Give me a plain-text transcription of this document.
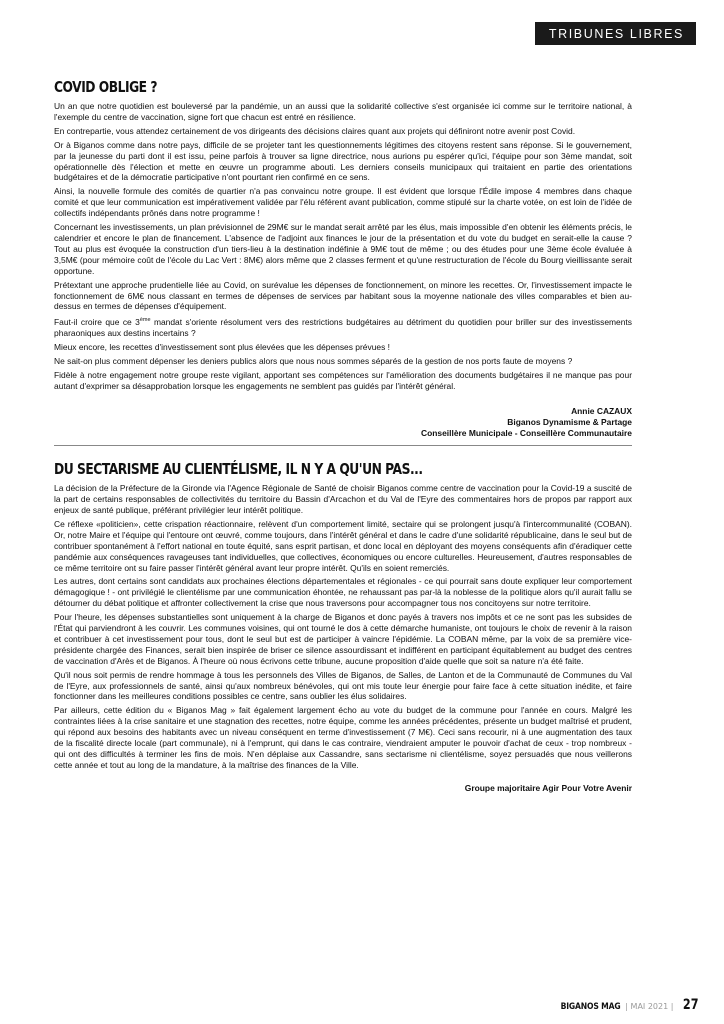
TRIBUNES LIBRES
COVID OBLIGE ?

Un an que notre quotidien est bouleversé par la pandémie, un an aussi que la solidarité collective s'est organisée ici comme sur le territoire national, à l'exemple du centre de vaccination, signe fort que chacun est entré en résilience.

En contrepartie, vous attendez certainement de vos dirigeants des décisions claires quant aux projets qui définiront notre avenir post Covid.

Or à Biganos comme dans notre pays, difficile de se projeter tant les questionnements légitimes des citoyens restent sans réponse. Si le gouvernement, par la jeunesse du parti dont il est issu, peine parfois à trouver sa ligne directrice, nous aurions pu espérer qu'ici, l'équipe pour son 3ème mandat, soit opérationnelle dès l'élection et mette en œuvre un programme abouti. Les derniers conseils municipaux qui traitaient en partie des orientations budgétaires et de la démocratie participative n'ont pourtant rien confirmé en ce sens.

Ainsi, la nouvelle formule des comités de quartier n'a pas convaincu notre groupe. Il est évident que lorsque l'Édile impose 4 membres dans chaque comité et que leur communication est impérativement validée par l'élu référent avant publication, comme stipulé sur la charte votée, on est loin de l'idée de collectifs indépendants prônés dans notre programme !

Concernant les investissements, un plan prévisionnel de 29M€ sur le mandat serait arrêté par les élus, mais impossible d'en obtenir les éléments précis, le calendrier et encore le plan de financement. L'absence de l'adjoint aux finances le jour de la présentation et du vote du budget en serait-elle la cause ? Tout au plus est évoquée la construction d'un tiers-lieu à la destination indéfinie à 9M€ tout de même ; ou des études pour une 3ème école évaluée à 3,5M€ (pour mémoire coût de l'école du Lac Vert : 8M€) alors même que 2 classes ferment et qu'une restructuration de l'école du Bourg vieillissante serait opportune.

Prétextant une approche prudentielle liée au Covid, on surévalue les dépenses de fonctionnement, on minore les recettes. Or, l'investissement impacte le fonctionnement de 6M€ nous classant en termes de dépenses de services par habitant sous la moyenne nationale des villes comparables et bien au-dessus en termes de dépenses d'équipement.

Faut-il croire que ce 3ème mandat s'oriente résolument vers des restrictions budgétaires au détriment du quotidien pour briller sur des investissements pharaoniques aux destins incertains ?

Mieux encore, les recettes d'investissement sont plus élevées que les dépenses prévues !

Ne sait-on plus comment dépenser les deniers publics alors que nous nous sommes séparés de la gestion de nos ports faute de moyens ?

Fidèle à notre engagement notre groupe reste vigilant, apportant ses compétences sur l'amélioration des documents budgétaires il ne manque pas pour autant d'exprimer sa désapprobation lorsque les engagements ne semblent pas guidés par l'intérêt général.

Annie CAZAUX
Biganos Dynamisme & Partage
Conseillère Municipale - Conseillère Communautaire
DU SECTARISME AU CLIENTÉLISME, IL N Y A QU'UN PAS...

La décision de la Préfecture de la Gironde via l'Agence Régionale de Santé de choisir Biganos comme centre de vaccination pour la Covid-19 a suscité de la part de certains responsables de collectivités du territoire du Bassin d'Arcachon et du Val de l'Eyre des commentaires hors de propos par rapport aux enjeux de santé publique, préférant privilégier leur intérêt politique.

Ce réflexe «politicien», cette crispation réactionnaire, relèvent d'un comportement limité, sectaire qui se prolongent jusqu'à l'intercommunalité (COBAN). Or, notre Maire et l'équipe qui l'entoure ont œuvré, comme toujours, dans l'intérêt général et dans le cadre d'une solidarité républicaine, dans le seul but de contribuer spontanément à l'effort national en toute équité, sans esprit partisan, et donc local en déployant des moyens conséquents afin d'éradiquer cette pandémie aux conséquences ravageuses tant individuelles, que collectives, économiques ou encore culturelles. Heureusement, d'autres responsables de ce même territoire ont su faire passer l'intérêt général avant leur propre intérêt. Qu'ils en soient remerciés.

Les autres, dont certains sont candidats aux prochaines élections départementales et régionales - ce qui pourrait sans doute expliquer leur comportement démagogique ! - ont privilégié le clientélisme par une communication éhontée, ne rehaussant pas par-là la noblesse de la politique alors qu'il aurait fallu se détourner du débat politique et affronter collectivement la crise que nous traversons pour accompagner tous nos concitoyens sur notre territoire.

Pour l'heure, les dépenses substantielles sont uniquement à la charge de Biganos et donc payés à travers nos impôts et ce ne sont pas les subsides de l'État qui parviendront à les couvrir. Les communes voisines, qui ont tourné le dos à cette démarche humaniste, ont toujours le choix de revenir à la raison et contribuer à cet investissement pour tous, dont le seul but est de participer à vaincre l'épidémie. La COBAN même, par la voix de sa première vice-présidente chargée des Finances, serait bien inspirée de briser ce silence assourdissant et indifférent en participant équitablement au budget des centres de vaccination d'Arès et de Biganos. À l'heure où nous écrivons cette tribune, aucune proposition d'aide quelle que soit sa nature n'a été faite.

Qu'il nous soit permis de rendre hommage à tous les personnels des Villes de Biganos, de Salles, de Lanton et de la Communauté de Communes du Val de l'Eyre, aux professionnels de santé, ainsi qu'aux nombreux bénévoles, qui ont mis toute leur énergie pour faire face à cette situation inédite, et faire fonctionner dans les meilleures conditions possibles ce centre, sans oublier les élus solidaires.

Par ailleurs, cette édition du « Biganos Mag » fait également largement écho au vote du budget de la commune pour l'année en cours. Malgré les contraintes liées à la crise sanitaire et une stagnation des recettes, notre équipe, comme les années précédentes, présente un budget maîtrisé et prudent, qui répond aux besoins des habitants avec un niveau conséquent en terme d'investissement (7 M€). Ceci sans recourir, ni à une augmentation des taux de la fiscalité directe locale (part communale), ni à l'emprunt, qui dans le cas contraire, viendraient amputer le pouvoir d'achat de ceux - trop nombreux - qui ont des difficultés à terminer les fins de mois. N'en déplaise aux Cassandre, sans sectarisme ni clientélisme, soyez persuadés que nous veillerons cette année et tout au long de la mandature, à la maîtrise des finances de la Ville.

Groupe majoritaire Agir Pour Votre Avenir
BIGANOS MAG | MAI 2021 | 27
